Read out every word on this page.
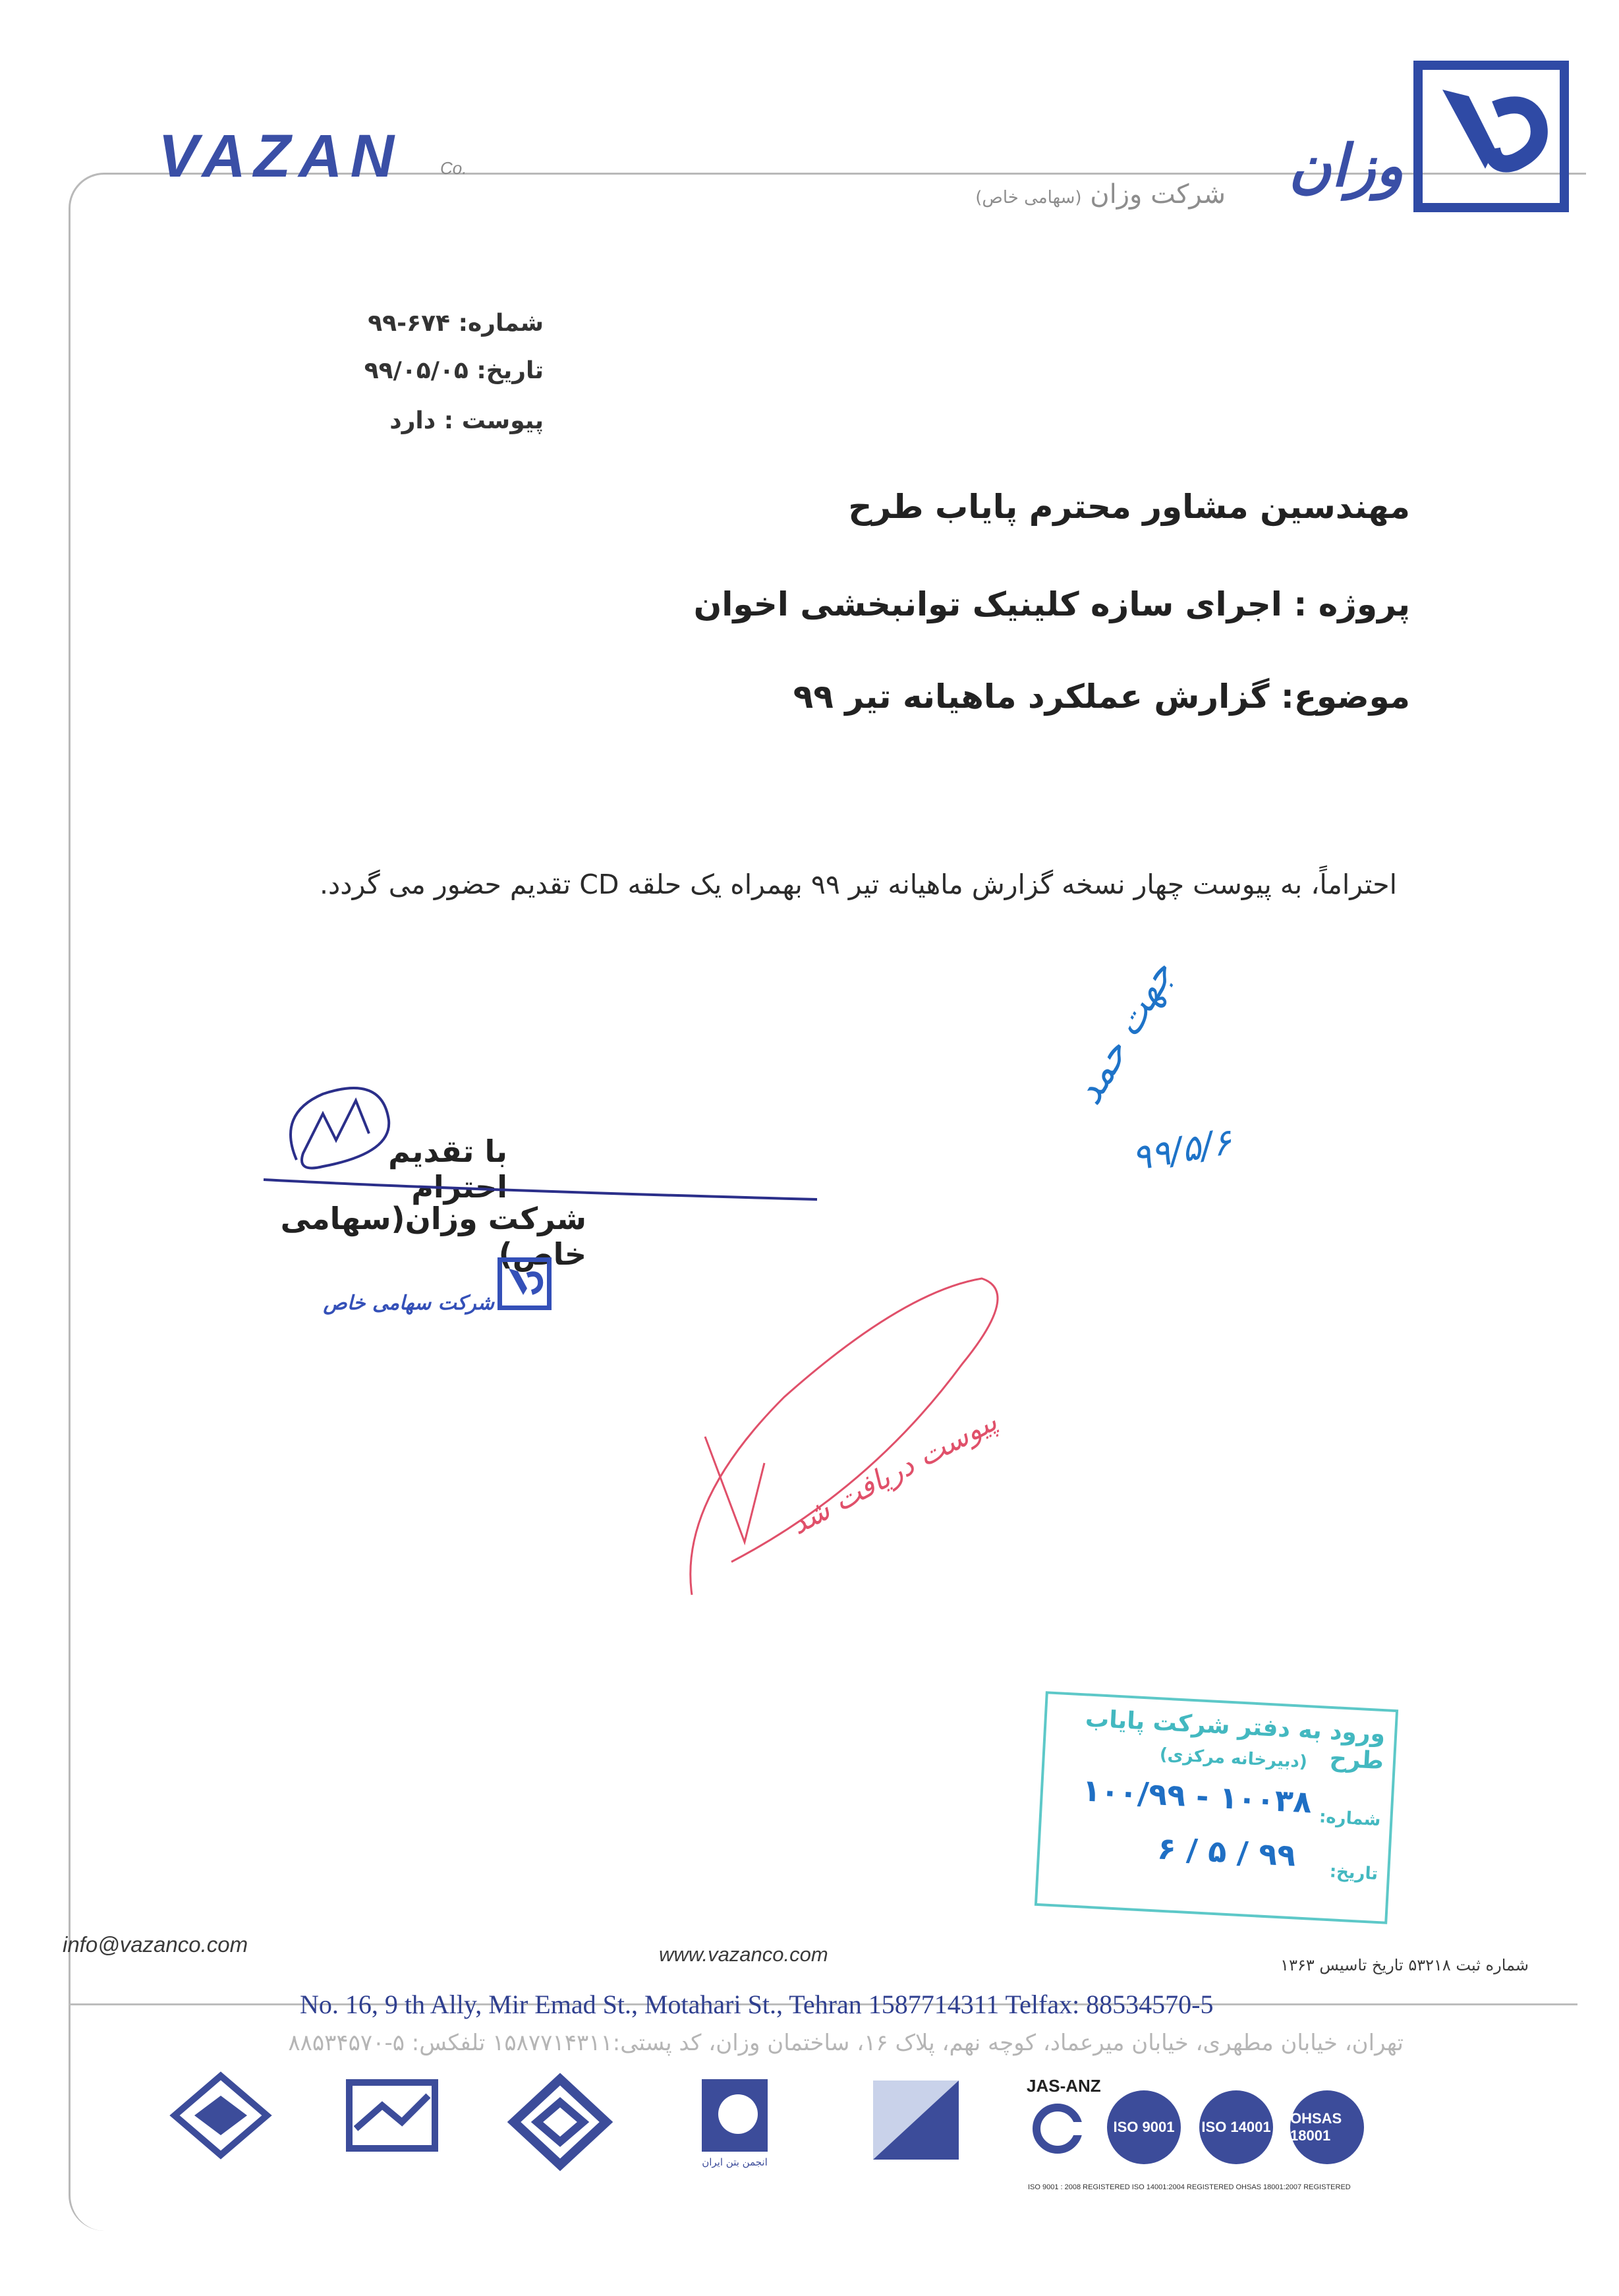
VAZAN Co.	وزان
شرکت وزان (سهامی خاص)
شماره: ۶۷۴-۹۹
تاریخ: ۹۹/۰۵/۰۵
پیوست : دارد
مهندسین مشاور محترم پایاب طرح
پروژه : اجرای سازه کلینیک توانبخشی اخوان
موضوع: گزارش عملکرد ماهیانه تیر ۹۹
احتراماً، به پیوست چهار نسخه گزارش ماهیانه تیر ۹۹ بهمراه یک حلقه CD تقدیم حضور می گردد.
با تقدیم احترام
شرکت وزان(سهامی خاص)
شرکت سهامی خاص
جهت حمد
۹۹/۵/۶
پیوست دریافت شد
ورود به دفتر شرکت پایاب طرح
(دبیرخانه مرکزی)
شماره:
۱۰۰۳۸ - ۱۰۰/۹۹
تاریخ:
۹۹ / ۵ / ۶
info@vazanco.com	www.vazanco.com	شماره ثبت ۵۳۲۱۸ تاریخ تاسیس ۱۳۶۳
No. 16, 9 th Ally, Mir Emad St., Motahari St., Tehran 1587714311 Telfax: 88534570-5
تهران، خیابان مطهری، خیابان میرعماد، کوچه نهم، پلاک ۱۶، ساختمان وزان، کد پستی:۱۵۸۷۷۱۴۳۱۱ تلفکس: ۵-۸۸۵۳۴۵۷۰
انجمن بتن ایران
JAS-ANZ
ISO 9001 ISO 14001
OHSAS 18001
ISO 9001 : 2008 REGISTERED ISO 14001:2004 REGISTERED OHSAS 18001:2007 REGISTERED
